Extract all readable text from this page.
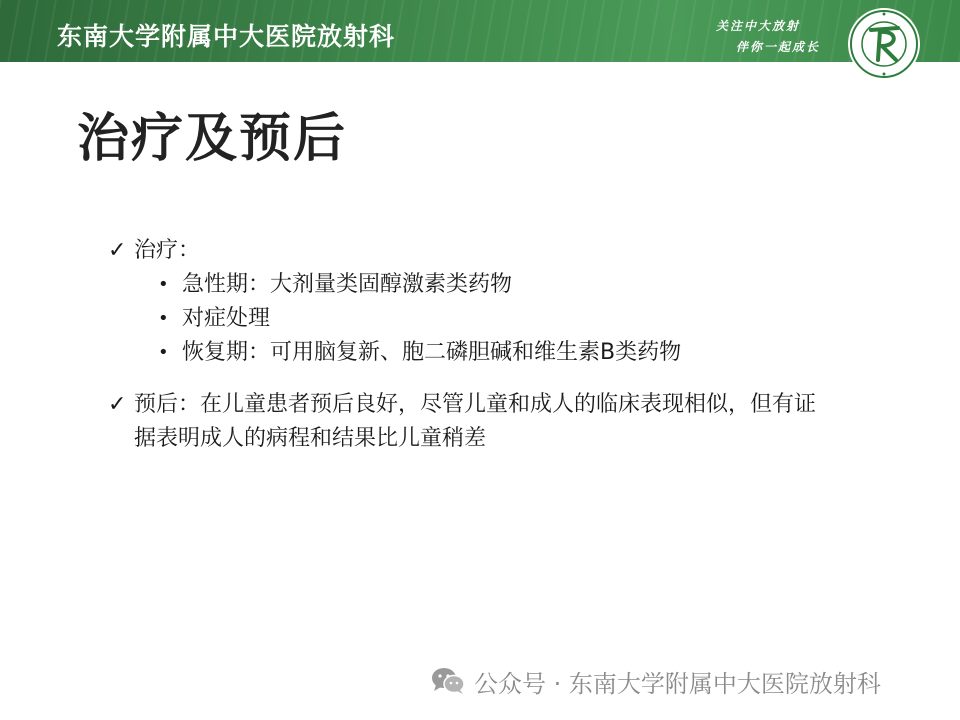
东南大学附属中大医院放射科	关注中大放射
伴你一起成长
治疗及预后
✓ 治疗：
• 急性期：大剂量类固醇激素类药物
• 对症处理
• 恢复期：可用脑复新、胞二磷胆碱和维生素B类药物
✓ 预后：在儿童患者预后良好，尽管儿童和成人的临床表现相似，但有证据表明成人的病程和结果比儿童稍差
公众号 · 东南大学附属中大医院放射科
